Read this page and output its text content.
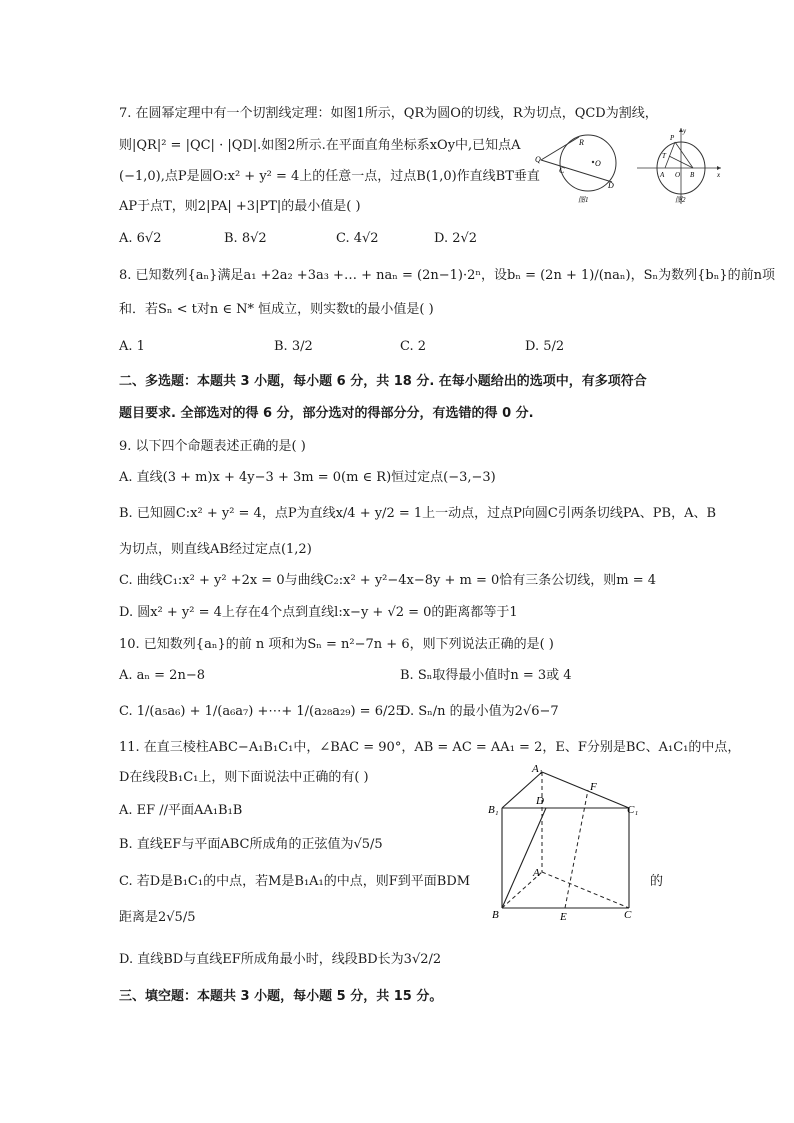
7. 在圆幂定理中有一个切割线定理：如图1所示，QR为圆O的切线，R为切点，QCD为割线，
则|QR|² = |QC| · |QD|.如图2所示.在平面直角坐标系xOy中,已知点A
(−1,0),点P是圆O:x² + y² = 4上的任意一点，过点B(1,0)作直线BT垂直
AP于点T，则2|PA| +3|PT|的最小值是( )
A. 6√2	B. 8√2	C. 4√2	D. 2√2
Q
R
O
C
D
图1
y
x
P
T
A O B
图2
8. 已知数列{aₙ}满足a₁ +2a₂ +3a₃ +… + naₙ = (2n−1)·2ⁿ，设bₙ = (2n + 1)/(naₙ)，Sₙ为数列{bₙ}的前n项
和．若Sₙ < t对n ∈ N* 恒成立，则实数t的最小值是( )
A. 1	B. 3/2	C. 2	D. 5/2
二、多选题：本题共 3 小题，每小题 6 分，共 18 分. 在每小题给出的选项中，有多项符合
题目要求. 全部选对的得 6 分，部分选对的得部分分，有选错的得 0 分.
9. 以下四个命题表述正确的是( )
A. 直线(3 + m)x + 4y−3 + 3m = 0(m ∈ R)恒过定点(−3,−3)
B. 已知圆C:x² + y² = 4，点P为直线x/4 + y/2 = 1上一动点，过点P向圆C引两条切线PA、PB，A、B
为切点，则直线AB经过定点(1,2)
C. 曲线C₁:x² + y² +2x = 0与曲线C₂:x² + y²−4x−8y + m = 0恰有三条公切线，则m = 4
D. 圆x² + y² = 4上存在4个点到直线l:x−y + √2 = 0的距离都等于1
10. 已知数列{aₙ}的前 n 项和为Sₙ = n²−7n + 6，则下列说法正确的是( )
A. aₙ = 2n−8	B. Sₙ取得最小值时n = 3或 4
C. 1/(a₅a₆) + 1/(a₆a₇) +⋯+ 1/(a₂₈a₂₉) = 6/25
D. Sₙ/n 的最小值为2√6−7
11. 在直三棱柱ABC−A₁B₁C₁中，∠BAC = 90°，AB = AC = AA₁ = 2，E、F分别是BC、A₁C₁的中点，
D在线段B₁C₁上，则下面说法中正确的有( )
A. EF //平面AA₁B₁B
B. 直线EF与平面ABC所成角的正弦值为√5/5
C. 若D是B₁C₁的中点，若M是B₁A₁的中点，则F到平面BDM	的
距离是2√5/5
D. 直线BD与直线EF所成角最小时，线段BD长为3√2/2
A₁
B₁	C₁
D
F
A
B	C
E
三、填空题：本题共 3 小题，每小题 5 分，共 15 分。
